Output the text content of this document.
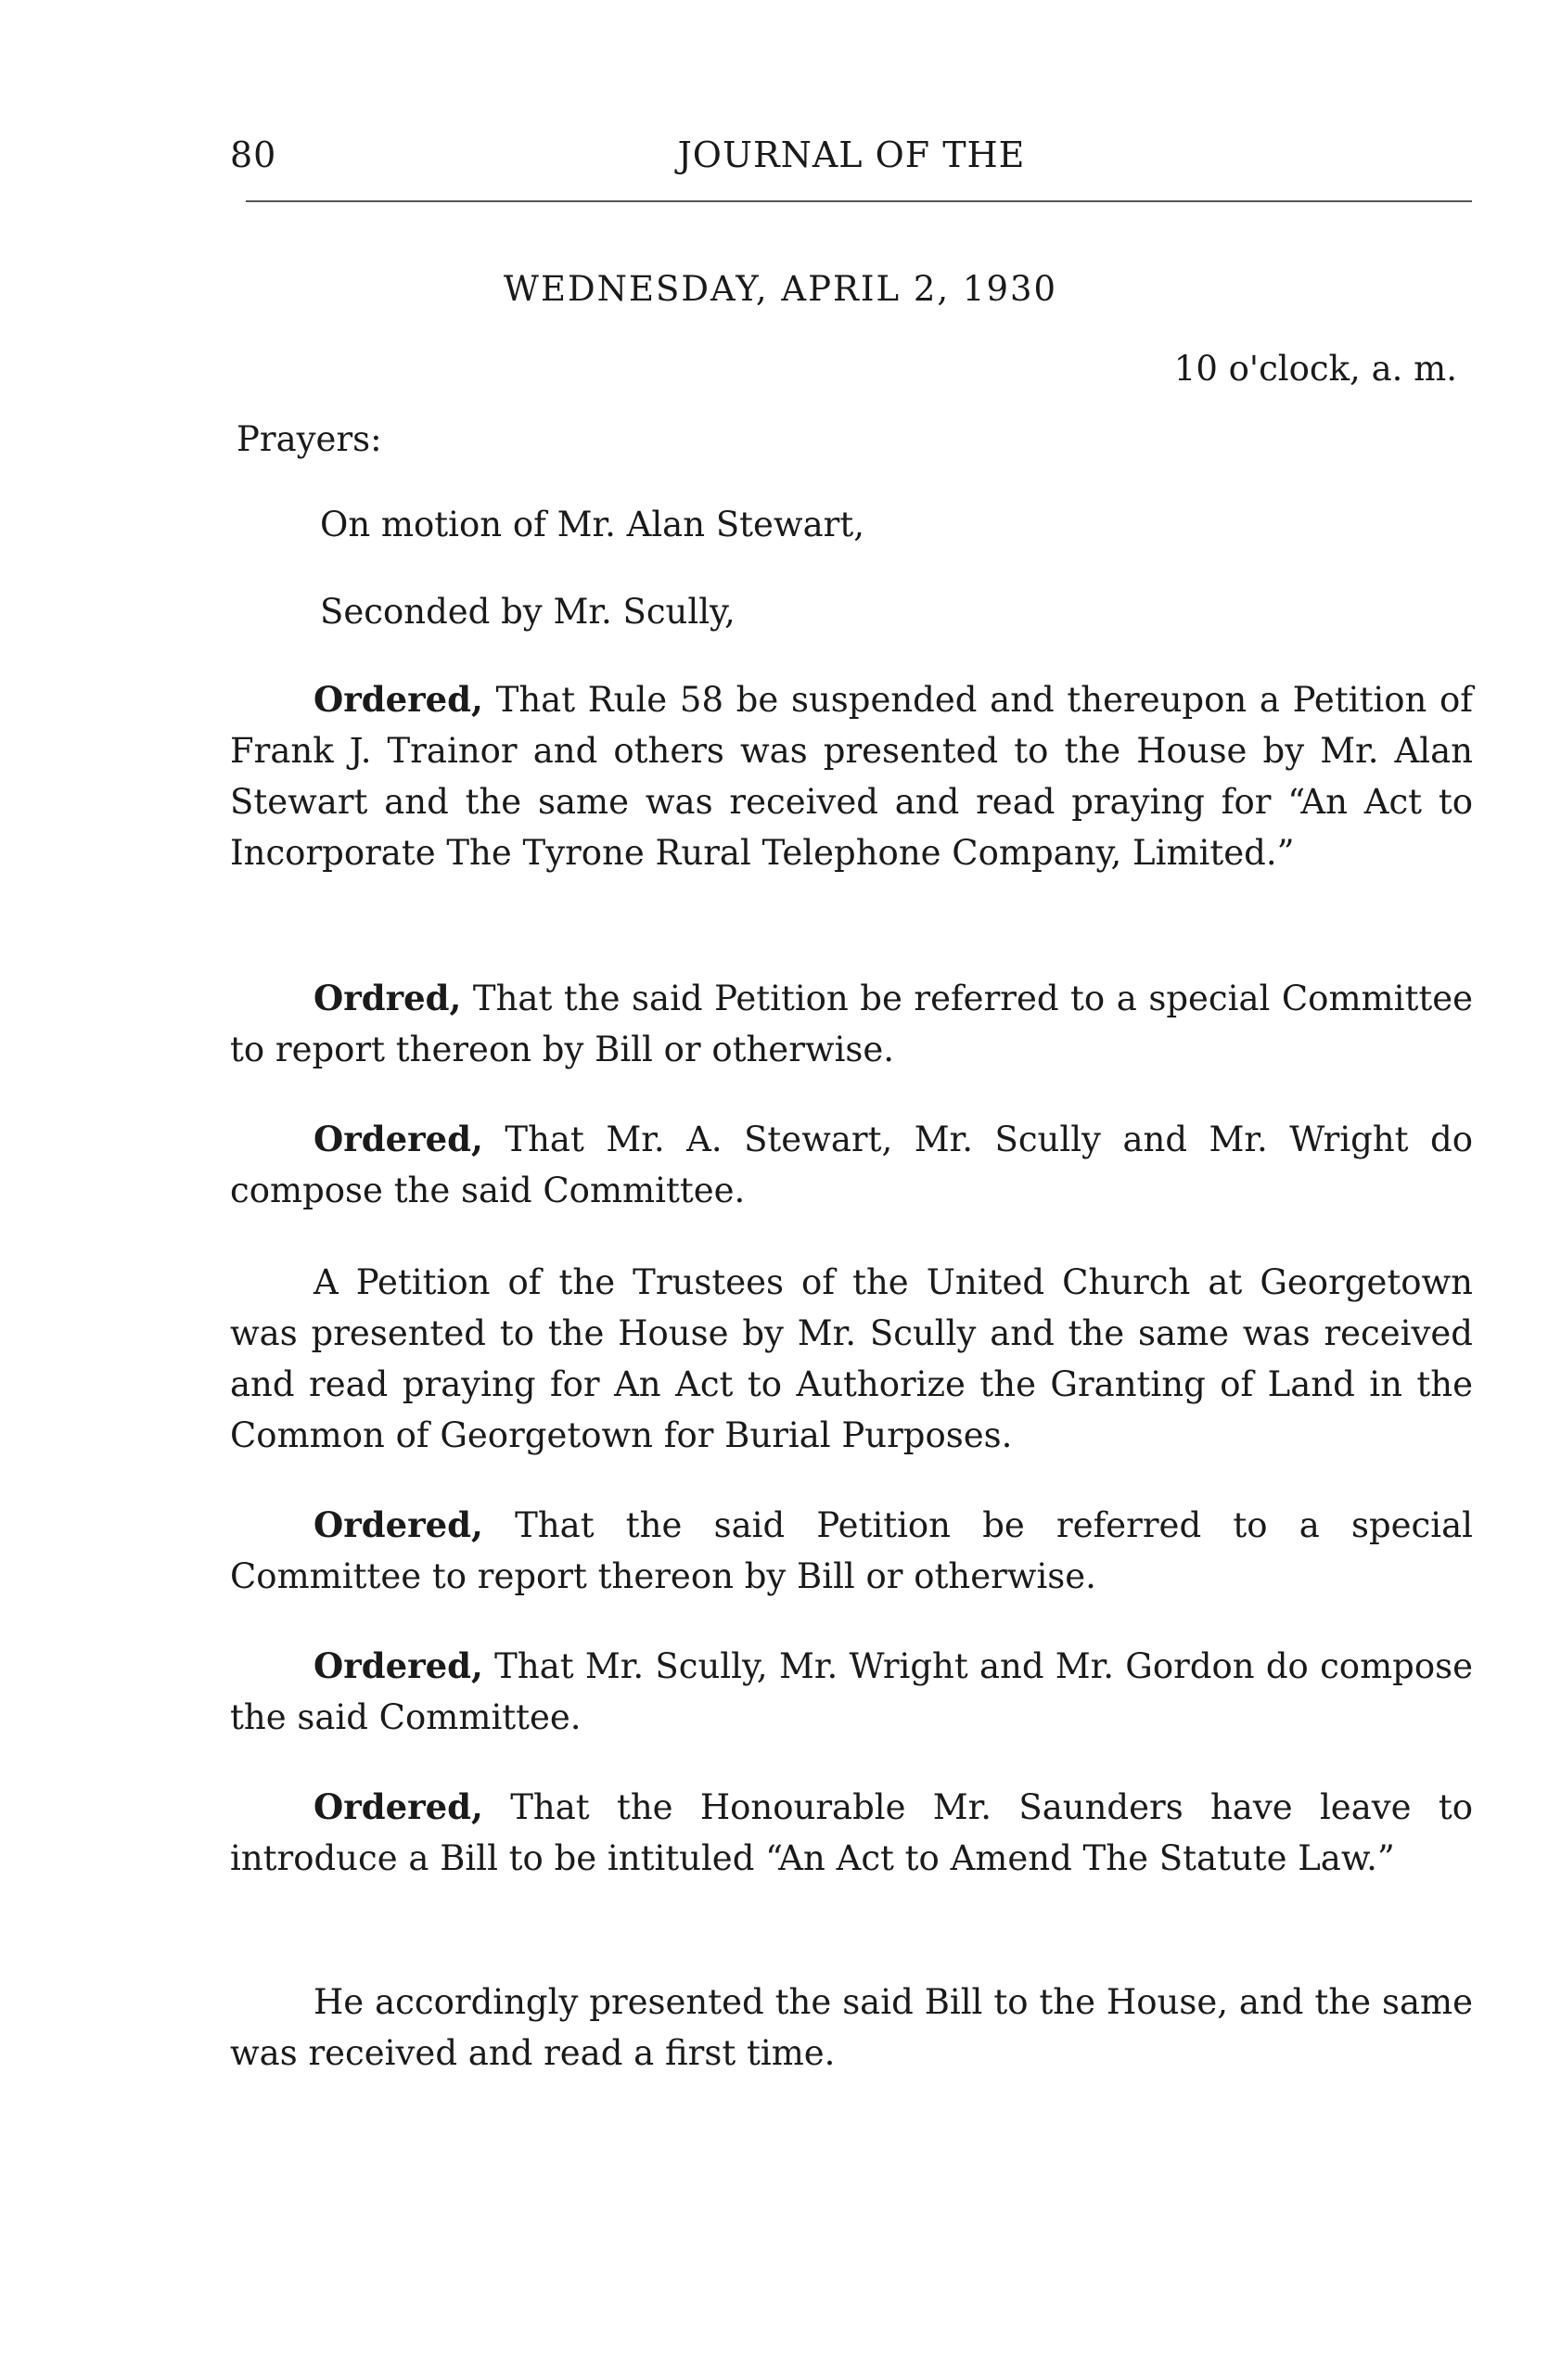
80	JOURNAL OF THE
WEDNESDAY, APRIL 2, 1930
10 o'clock, a. m.
Prayers:
On motion of Mr. Alan Stewart,
Seconded by Mr. Scully,
Ordered, That Rule 58 be suspended and thereupon a Petition of Frank J. Trainor and others was presented to the House by Mr. Alan Stewart and the same was received and read praying for “An Act to Incorporate The Tyrone Rural Telephone Company, Limited.”
Ordred, That the said Petition be referred to a special Committee to report thereon by Bill or otherwise.
Ordered, That Mr. A. Stewart, Mr. Scully and Mr. Wright do compose the said Committee.
A Petition of the Trustees of the United Church at Georgetown was presented to the House by Mr. Scully and the same was received and read praying for An Act to Authorize the Granting of Land in the Common of Georgetown for Burial Purposes.
Ordered, That the said Petition be referred to a special Committee to report thereon by Bill or otherwise.
Ordered, That Mr. Scully, Mr. Wright and Mr. Gordon do compose the said Committee.
Ordered, That the Honourable Mr. Saunders have leave to introduce a Bill to be intituled “An Act to Amend The Statute Law.”
He accordingly presented the said Bill to the House, and the same was received and read a first time.
